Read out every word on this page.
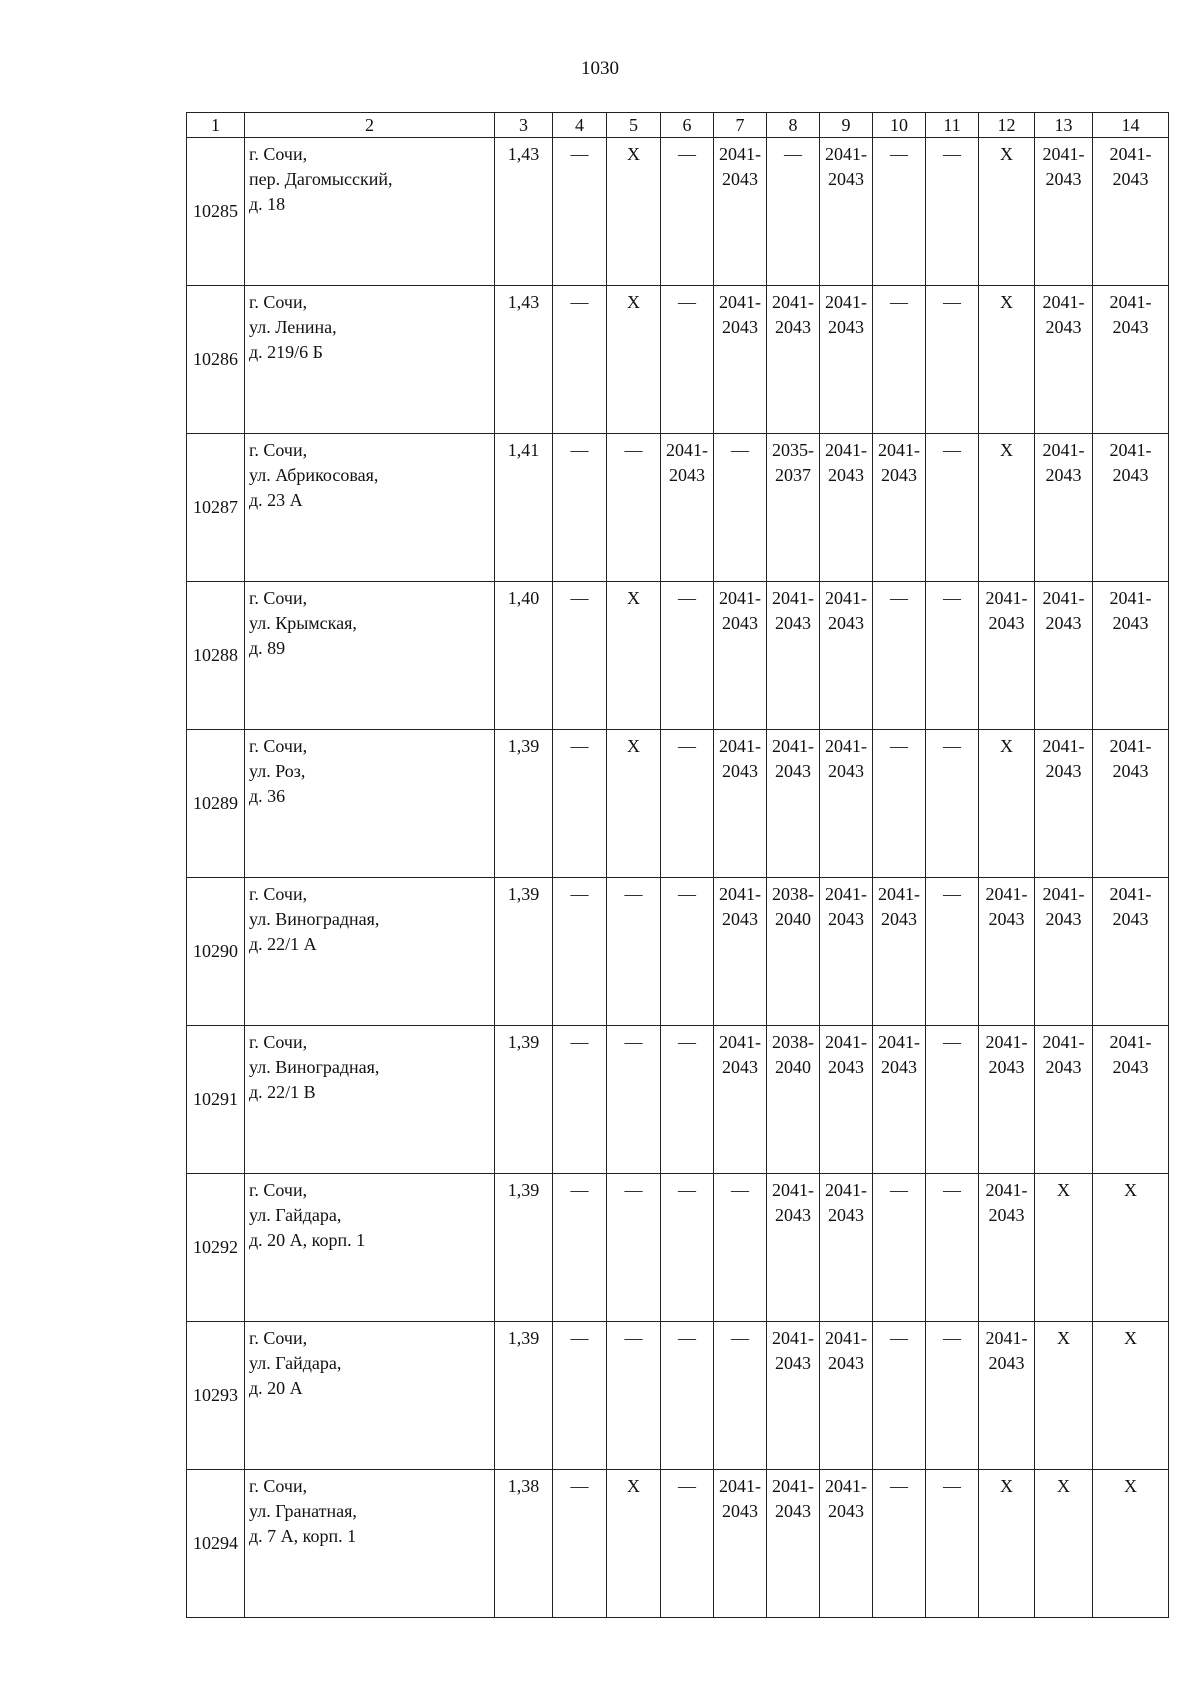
1030
1	2	3	4	5	6	7	8	9	10	11	12	13	14
10285	г. Сочи,
пер. Дагомысский,
д. 18	1,43	—	X	—	2041-
2043	—	2041-
2043	—	—	X	2041-
2043	2041-
2043

10286	г. Сочи,
ул. Ленина,
д. 219/6 Б	1,43	—	X	—	2041-
2043	2041-
2043	2041-
2043	—	—	X	2041-
2043	2041-
2043

10287	г. Сочи,
ул. Абрикосовая,
д. 23 А	1,41	—	—	2041-
2043	—	2035-
2037	2041-
2043	2041-
2043	—	X	2041-
2043	2041-
2043

10288	г. Сочи,
ул. Крымская,
д. 89	1,40	—	X	—	2041-
2043	2041-
2043	2041-
2043	—	—	2041-
2043	2041-
2043	2041-
2043

10289	г. Сочи,
ул. Роз,
д. 36	1,39	—	X	—	2041-
2043	2041-
2043	2041-
2043	—	—	X	2041-
2043	2041-
2043

10290	г. Сочи,
ул. Виноградная,
д. 22/1 А	1,39	—	—	—	2041-
2043	2038-
2040	2041-
2043	2041-
2043	—	2041-
2043	2041-
2043	2041-
2043

10291	г. Сочи,
ул. Виноградная,
д. 22/1 В	1,39	—	—	—	2041-
2043	2038-
2040	2041-
2043	2041-
2043	—	2041-
2043	2041-
2043	2041-
2043

10292	г. Сочи,
ул. Гайдара,
д. 20 А, корп. 1	1,39	—	—	—	—	2041-
2043	2041-
2043	—	—	2041-
2043	X	X
10293	г. Сочи,
ул. Гайдара,
д. 20 А	1,39	—	—	—	—	2041-
2043	2041-
2043	—	—	2041-
2043	X	X
10294	г. Сочи,
ул. Гранатная,
д. 7 А, корп. 1	1,38	—	X	—	2041-
2043	2041-
2043	2041-
2043	—	—	X	X	X
